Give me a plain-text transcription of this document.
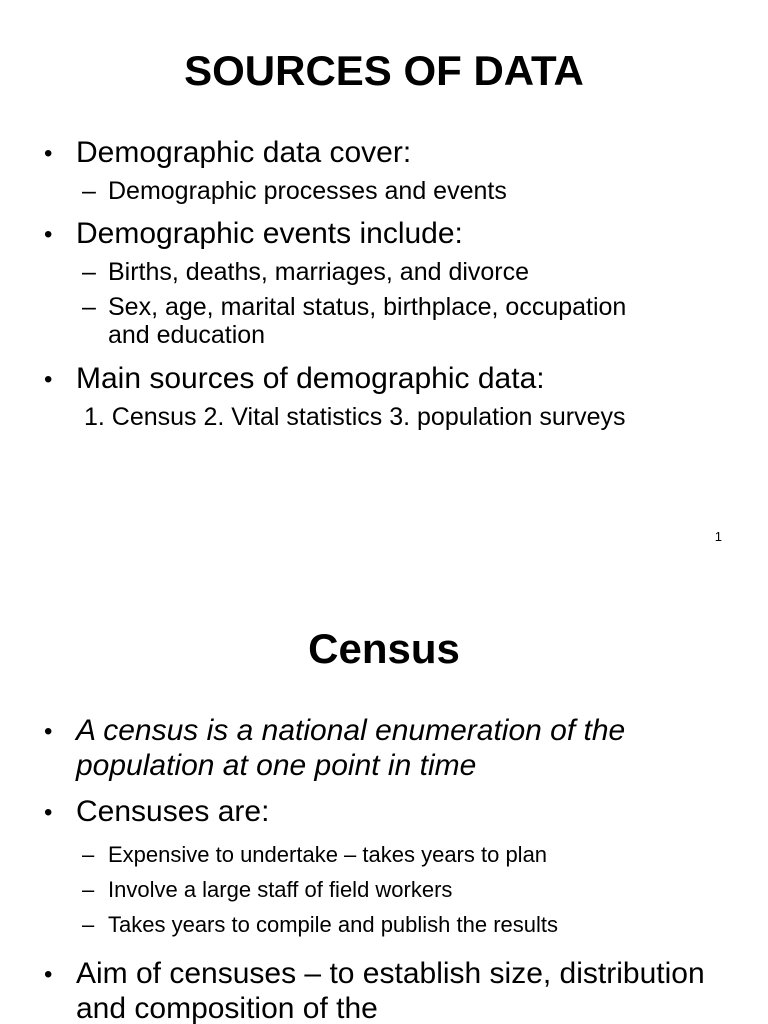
SOURCES OF DATA
• Demographic data cover:
– Demographic processes and events
• Demographic events include:
– Births, deaths, marriages, and divorce
– Sex, age, marital status, birthplace, occupation and education
• Main sources of demographic data:
1. Census 2. Vital statistics 3. population surveys
1
Census
• A census is a national enumeration of the population at one point in time
• Censuses are:
– Expensive to undertake – takes years to plan
– Involve a large staff of field workers
– Takes years to compile and publish the results
• Aim of censuses – to establish size, distribution and composition of the
